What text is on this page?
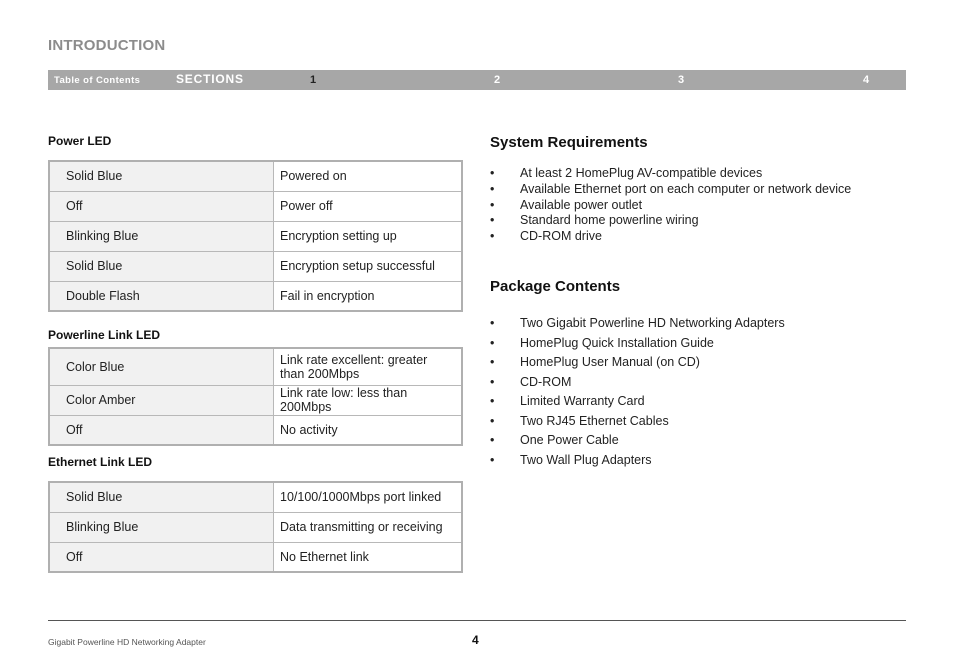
INTRODUCTION
Table of Contents	SECTIONS	1	2	3	4
Power LED
Solid Blue	Powered on
Off	Power off
Blinking Blue	Encryption setting up
Solid Blue	Encryption setup successful
Double Flash	Fail in encryption
Powerline Link LED
Color Blue	Link rate excellent: greater than 200Mbps
Color Amber	Link rate low: less than 200Mbps
Off	No activity
Ethernet Link LED
Solid Blue	10/100/1000Mbps port linked
Blinking Blue	Data transmitting or receiving
Off	No Ethernet link
System Requirements
• At least 2 HomePlug AV-compatible devices
• Available Ethernet port on each computer or network device
• Available power outlet
• Standard home powerline wiring
• CD-ROM drive
Package Contents
• Two Gigabit Powerline HD Networking Adapters
• HomePlug Quick Installation Guide
• HomePlug User Manual (on CD)
• CD-ROM
• Limited Warranty Card
• Two RJ45 Ethernet Cables
• One Power Cable
• Two Wall Plug Adapters
Gigabit Powerline HD Networking Adapter	4
